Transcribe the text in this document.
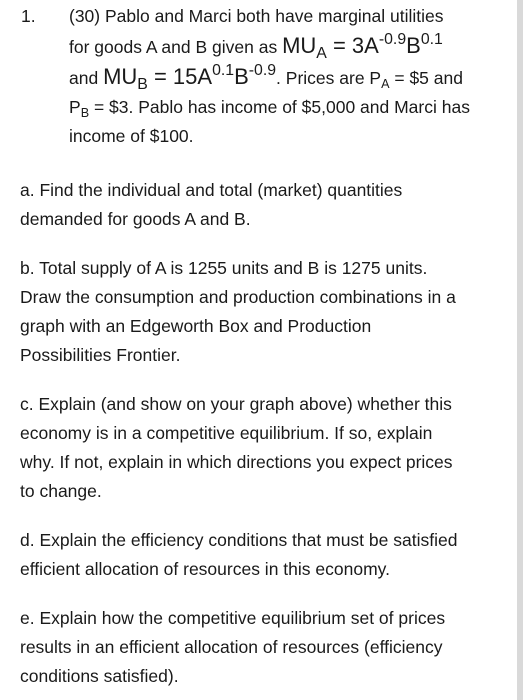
1. (30) Pablo and Marci both have marginal utilities
for goods A and B given as $MU_A = 3A^{-0.9}B^{0.1}$
and $MU_B = 15A^{0.1}B^{-0.9}$. Prices are $P_A$ = $5 and
$P_B$ = $3. Pablo has income of $5,000 and Marci has
income of $100.
a. Find the individual and total (market) quantities
demanded for goods A and B.
b. Total supply of A is 1255 units and B is 1275 units.
Draw the consumption and production combinations in a
graph with an Edgeworth Box and Production
Possibilities Frontier.
c. Explain (and show on your graph above) whether this
economy is in a competitive equilibrium. If so, explain
why. If not, explain in which directions you expect prices
to change.
d. Explain the efficiency conditions that must be satisfied
efficient allocation of resources in this economy.
e. Explain how the competitive equilibrium set of prices
results in an efficient allocation of resources (efficiency
conditions satisfied).
